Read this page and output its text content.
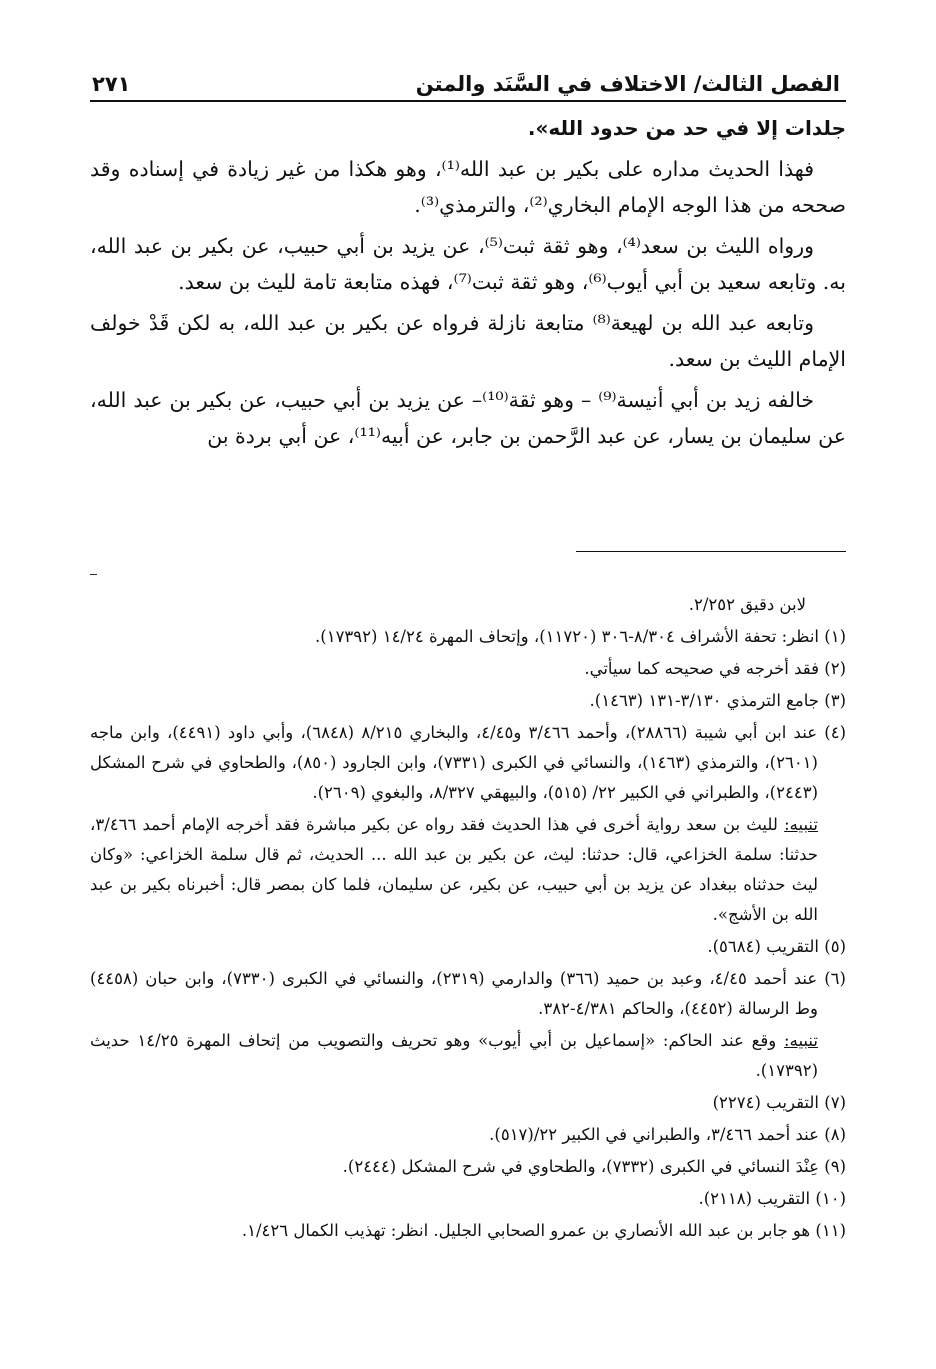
الفصل الثالث/ الاختلاف في السَّنَد والمتن
٢٧١

جلدات إلا في حد من حدود الله».

فهذا الحديث مداره على بكير بن عبد الله⁽¹⁾، وهو هكذا من غير زيادة في إسناده وقد صححه من هذا الوجه الإمام البخاري⁽²⁾، والترمذي⁽³⁾.

ورواه الليث بن سعد⁽⁴⁾، وهو ثقة ثبت⁽⁵⁾، عن يزيد بن أبي حبيب، عن بكير بن عبد الله، به. وتابعه سعيد بن أبي أيوب⁽⁶⁾، وهو ثقة ثبت⁽⁷⁾، فهذه متابعة تامة لليث بن سعد.

وتابعه عبد الله بن لهيعة⁽⁸⁾ متابعة نازلة فرواه عن بكير بن عبد الله، به لكن قَدْ خولف الإمام الليث بن سعد.

خالفه زيد بن أبي أنيسة⁽⁹⁾ – وهو ثقة⁽¹⁰⁾– عن يزيد بن أبي حبيب، عن بكير بن عبد الله، عن سليمان بن يسار، عن عبد الرَّحمن بن جابر، عن أبيه⁽¹¹⁾، عن أبي بردة بن

لابن دقيق ٢/٢٥٢.

(١) انظر: تحفة الأشراف ٨/٣٠٤-٣٠٦ (١١٧٢٠)، وإتحاف المهرة ١٤/٢٤ (١٧٣٩٢).

(٢) فقد أخرجه في صحيحه كما سيأتي.

(٣) جامع الترمذي ٣/١٣٠-١٣١ (١٤٦٣).

(٤) عند ابن أبي شيبة (٢٨٨٦٦)، وأحمد ٣/٤٦٦ و٤/٤٥، والبخاري ٨/٢١٥ (٦٨٤٨)، وأبي داود (٤٤٩١)، وابن ماجه (٢٦٠١)، والترمذي (١٤٦٣)، والنسائي في الكبرى (٧٣٣١)، وابن الجارود (٨٥٠)، والطحاوي في شرح المشكل (٢٤٤٣)، والطبراني في الكبير ٢٢/ (٥١٥)، والبيهقي ٨/٣٢٧، والبغوي (٢٦٠٩).

تنبيه: لليث بن سعد رواية أخرى في هذا الحديث فقد رواه عن بكير مباشرة فقد أخرجه الإمام أحمد ٣/٤٦٦، حدثنا: سلمة الخزاعي، قال: حدثنا: ليث، عن بكير بن عبد الله ... الحديث، ثم قال سلمة الخزاعي: «وكان ليث حدثناه ببغداد عن يزيد بن أبي حبيب، عن بكير، عن سليمان، فلما كان بمصر قال: أخبرناه بكير بن عبد الله بن الأشج».

(٥) التقريب (٥٦٨٤).

(٦) عند أحمد ٤/٤٥، وعبد بن حميد (٣٦٦) والدارمي (٢٣١٩)، والنسائي في الكبرى (٧٣٣٠)، وابن حبان (٤٤٥٨) وط الرسالة (٤٤٥٢)، والحاكم ٤/٣٨١-٣٨٢.

تنبيه: وقع عند الحاكم: «إسماعيل بن أبي أيوب» وهو تحريف والتصويب من إتحاف المهرة ١٤/٢٥ حديث (١٧٣٩٢).

(٧) التقريب (٢٢٧٤)

(٨) عند أحمد ٣/٤٦٦، والطبراني في الكبير ٢٢/(٥١٧).

(٩) عِنْدَ النسائي في الكبرى (٧٣٣٢)، والطحاوي في شرح المشكل (٢٤٤٤).

(١٠) التقريب (٢١١٨).

(١١) هو جابر بن عبد الله الأنصاري بن عمرو الصحابي الجليل. انظر: تهذيب الكمال ١/٤٢٦.
